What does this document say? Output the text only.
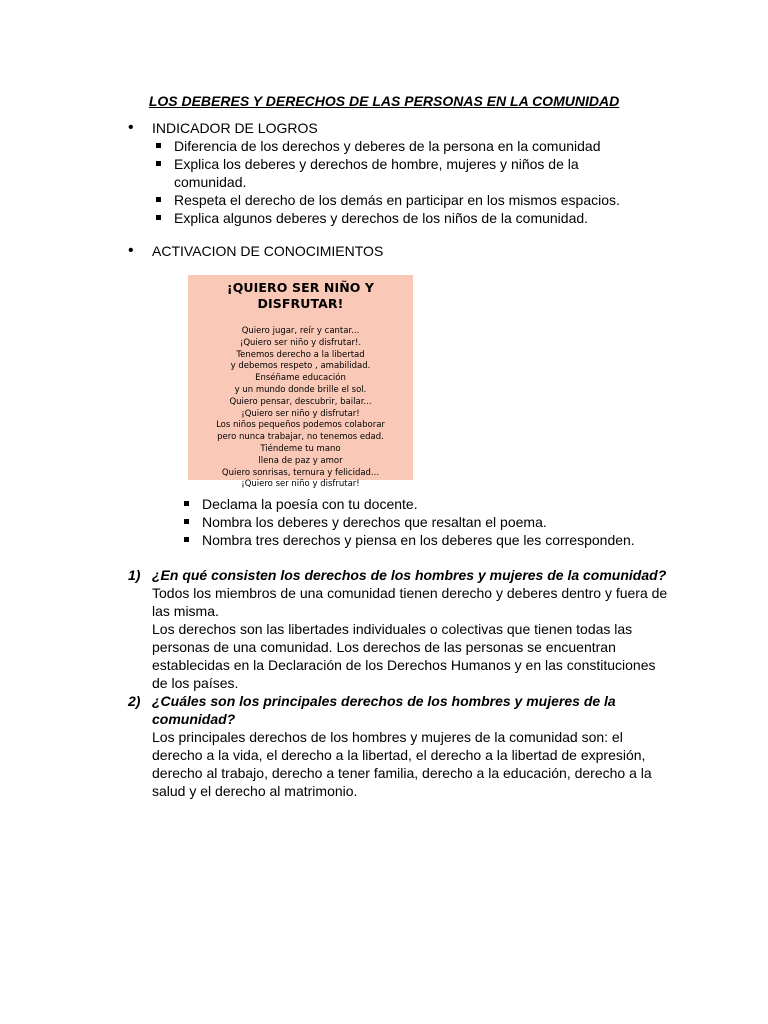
LOS DEBERES Y DERECHOS DE LAS PERSONAS EN LA COMUNIDAD
• INDICADOR DE LOGROS
Diferencia de los derechos y deberes de la persona en la comunidad
Explica los deberes y derechos de hombre, mujeres y niños de la comunidad.
Respeta el derecho de los demás en participar en los mismos espacios.
Explica algunos deberes y derechos de los niños de la comunidad.
• ACTIVACION DE CONOCIMIENTOS
¡QUIERO SER NIÑO Y DISFRUTAR!
Quiero jugar, reír y cantar...
¡Quiero ser niño y disfrutar!.
Tenemos derecho a la libertad
y debemos respeto , amabilidad.
Enséñame educación
y un mundo donde brille el sol.
Quiero pensar, descubrir, bailar...
¡Quiero ser niño y disfrutar!
Los niños pequeños podemos colaborar
pero nunca trabajar, no tenemos edad.
Tiéndeme tu mano
llena de paz y amor
Quiero sonrisas, ternura y felicidad...
¡Quiero ser niño y disfrutar!
Declama la poesía con tu docente.
Nombra los deberes y derechos que resaltan el poema.
Nombra tres derechos y piensa en los deberes que les corresponden.
1) ¿En qué consisten los derechos de los hombres y mujeres de la comunidad?

Todos los miembros de una comunidad tienen derecho y deberes dentro y fuera de las misma.

Los derechos son las libertades individuales o colectivas que tienen todas las personas de una comunidad. Los derechos de las personas se encuentran establecidas en la Declaración de los Derechos Humanos y en las constituciones de los países.

2) ¿Cuáles son los principales derechos de los hombres y mujeres de la comunidad?

Los principales derechos de los hombres y mujeres de la comunidad son: el derecho a la vida, el derecho a la libertad, el derecho a la libertad de expresión, derecho al trabajo, derecho a tener familia, derecho a la educación, derecho a la salud y el derecho al matrimonio.
